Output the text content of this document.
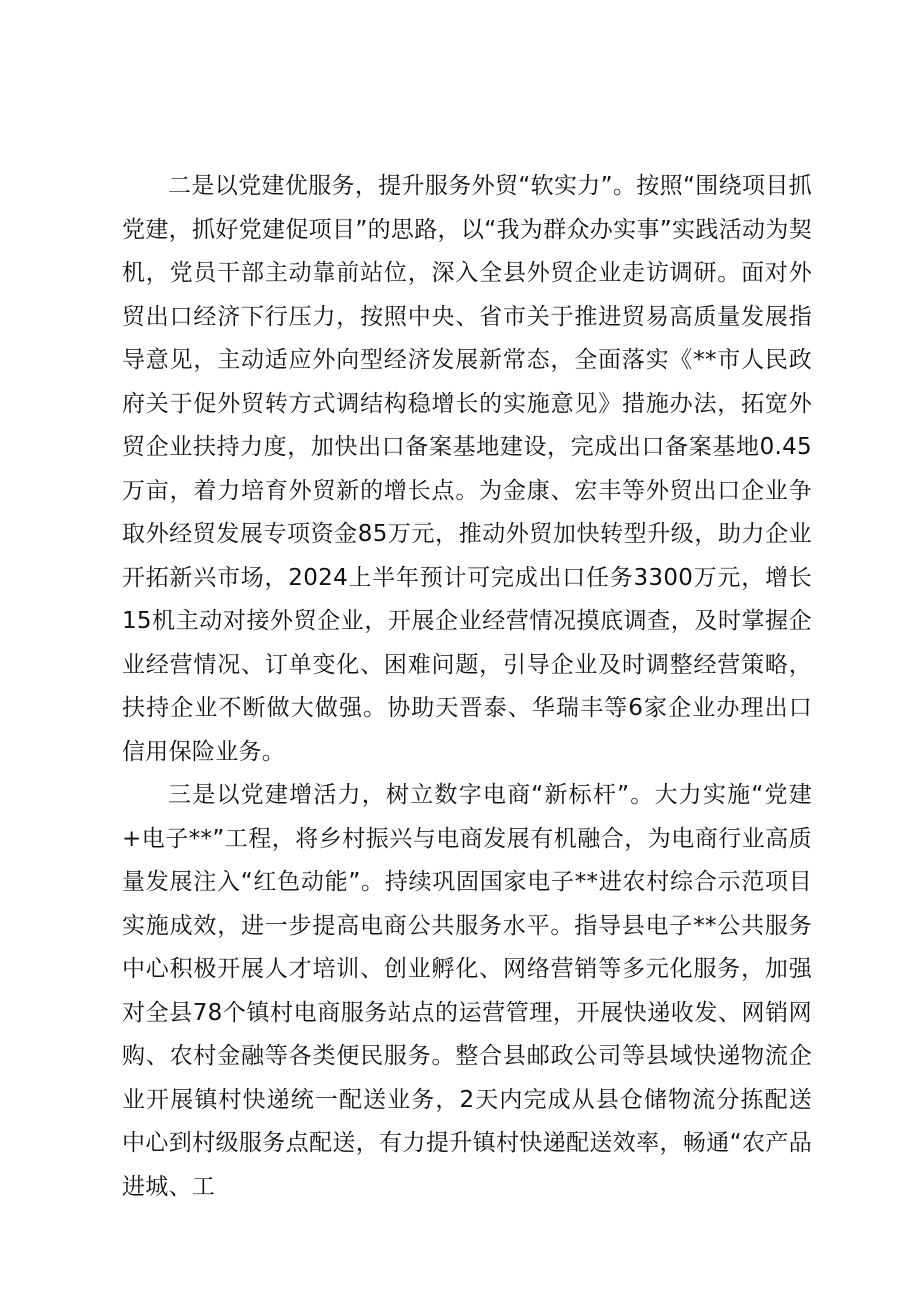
二是以党建优服务，提升服务外贸“软实力”。按照“围绕项目抓党建，抓好党建促项目”的思路，以“我为群众办实事”实践活动为契机，党员干部主动靠前站位，深入全县外贸企业走访调研。面对外贸出口经济下行压力，按照中央、省市关于推进贸易高质量发展指导意见，主动适应外向型经济发展新常态，全面落实《**市人民政府关于促外贸转方式调结构稳增长的实施意见》措施办法，拓宽外贸企业扶持力度，加快出口备案基地建设，完成出口备案基地0.45万亩，着力培育外贸新的增长点。为金康、宏丰等外贸出口企业争取外经贸发展专项资金85万元，推动外贸加快转型升级，助力企业开拓新兴市场，2024上半年预计可完成出口任务3300万元，增长15机主动对接外贸企业，开展企业经营情况摸底调查，及时掌握企业经营情况、订单变化、困难问题，引导企业及时调整经营策略，扶持企业不断做大做强。协助天晋泰、华瑞丰等6家企业办理出口信用保险业务。

三是以党建增活力，树立数字电商“新标杆”。大力实施“党建+电子**”工程，将乡村振兴与电商发展有机融合，为电商行业高质量发展注入“红色动能”。持续巩固国家电子**进农村综合示范项目实施成效，进一步提高电商公共服务水平。指导县电子**公共服务中心积极开展人才培训、创业孵化、网络营销等多元化服务，加强对全县78个镇村电商服务站点的运营管理，开展快递收发、网销网购、农村金融等各类便民服务。整合县邮政公司等县域快递物流企业开展镇村快递统一配送业务，2天内完成从县仓储物流分拣配送中心到村级服务点配送，有力提升镇村快递配送效率，畅通“农产品进城、工
